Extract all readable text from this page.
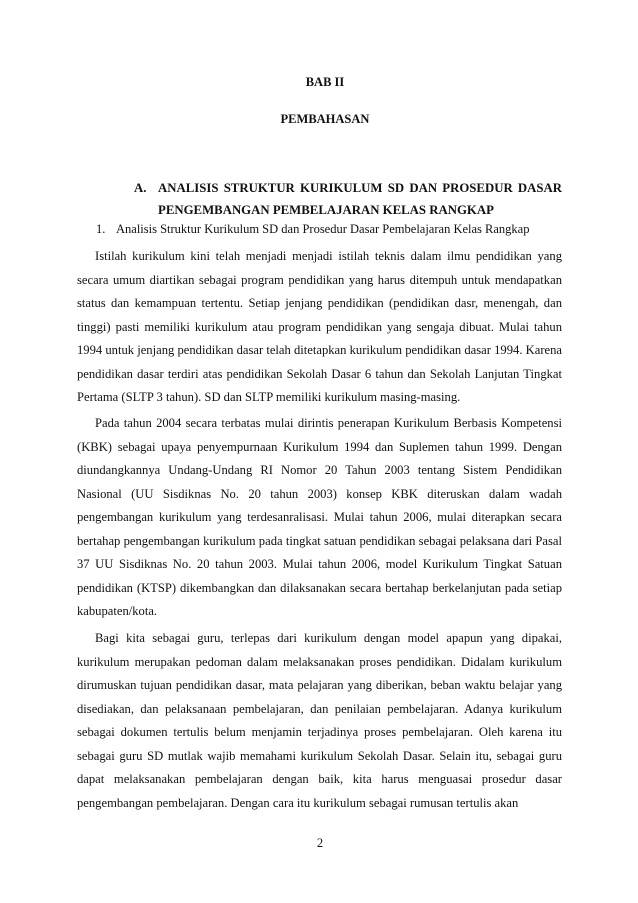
BAB II
PEMBAHASAN
A. ANALISIS STRUKTUR KURIKULUM SD DAN PROSEDUR DASAR
PENGEMBANGAN PEMBELAJARAN KELAS RANGKAP
1. Analisis Struktur Kurikulum SD dan Prosedur Dasar Pembelajaran Kelas Rangkap

Istilah kurikulum kini telah menjadi menjadi istilah teknis dalam ilmu pendidikan yang secara umum diartikan sebagai program pendidikan yang harus ditempuh untuk mendapatkan status dan kemampuan tertentu. Setiap jenjang pendidikan (pendidikan dasr, menengah, dan tinggi) pasti memiliki kurikulum atau program pendidikan yang sengaja dibuat. Mulai tahun 1994 untuk jenjang pendidikan dasar telah ditetapkan kurikulum pendidikan dasar 1994. Karena pendidikan dasar terdiri atas pendidikan Sekolah Dasar 6 tahun dan Sekolah Lanjutan Tingkat Pertama (SLTP 3 tahun). SD dan SLTP memiliki kurikulum masing-masing.

Pada tahun 2004 secara terbatas mulai dirintis penerapan Kurikulum Berbasis Kompetensi (KBK) sebagai upaya penyempurnaan Kurikulum 1994 dan Suplemen tahun 1999. Dengan diundangkannya Undang-Undang RI Nomor 20 Tahun 2003 tentang Sistem Pendidikan Nasional (UU Sisdiknas No. 20 tahun 2003) konsep KBK diteruskan dalam wadah pengembangan kurikulum yang terdesanralisasi. Mulai tahun 2006, mulai diterapkan secara bertahap pengembangan kurikulum pada tingkat satuan pendidikan sebagai pelaksana dari Pasal 37 UU Sisdiknas No. 20 tahun 2003. Mulai tahun 2006, model Kurikulum Tingkat Satuan pendidikan (KTSP) dikembangkan dan dilaksanakan secara bertahap berkelanjutan pada setiap kabupaten/kota.

Bagi kita sebagai guru, terlepas dari kurikulum dengan model apapun yang dipakai, kurikulum merupakan pedoman dalam melaksanakan proses pendidikan. Didalam kurikulum dirumuskan tujuan pendidikan dasar, mata pelajaran yang diberikan, beban waktu belajar yang disediakan, dan pelaksanaan pembelajaran, dan penilaian pembelajaran. Adanya kurikulum sebagai dokumen tertulis belum menjamin terjadinya proses pembelajaran. Oleh karena itu sebagai guru SD mutlak wajib memahami kurikulum Sekolah Dasar. Selain itu, sebagai guru dapat melaksanakan pembelajaran dengan baik, kita harus menguasai prosedur dasar pengembangan pembelajaran. Dengan cara itu kurikulum sebagai rumusan tertulis akan

2
